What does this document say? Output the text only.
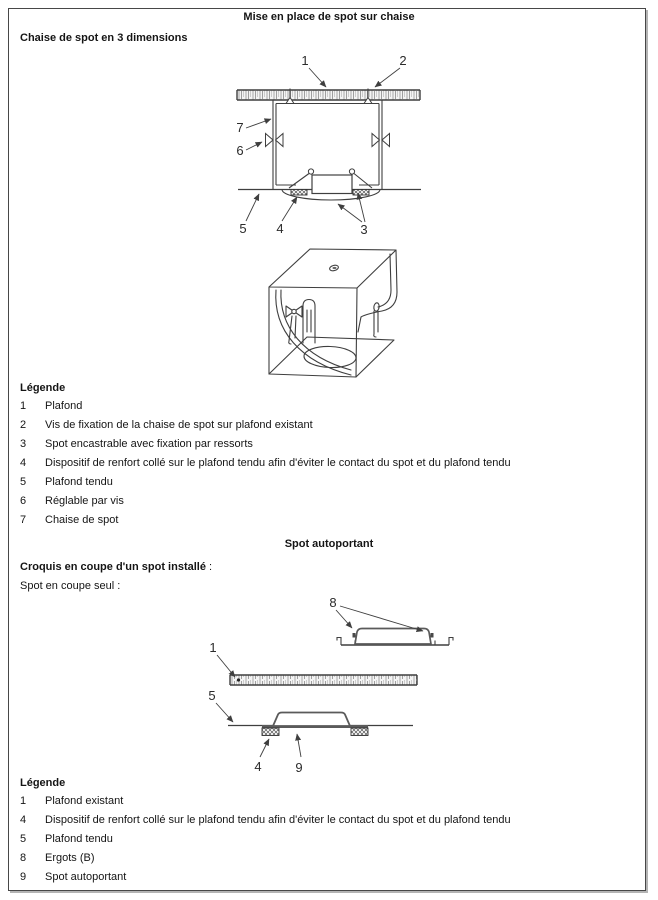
Mise en place de spot sur chaise
Chaise de spot en 3 dimensions
1	2
7
6
5 4	3
Légende
1	Plafond
2	Vis de fixation de la chaise de spot sur plafond existant
3	Spot encastrable avec fixation par ressorts
4	Dispositif de renfort collé sur le plafond tendu afin d'éviter le contact du spot et du plafond tendu
5	Plafond tendu
6	Réglable par vis
7	Chaise de spot
Spot autoportant
Croquis en coupe d'un spot installé :
Spot en coupe seul :
8
1
5
4	9
Légende
1	Plafond existant
4	Dispositif de renfort collé sur le plafond tendu afin d'éviter le contact du spot et du plafond tendu
5	Plafond tendu
8	Ergots (B)
9	Spot autoportant
